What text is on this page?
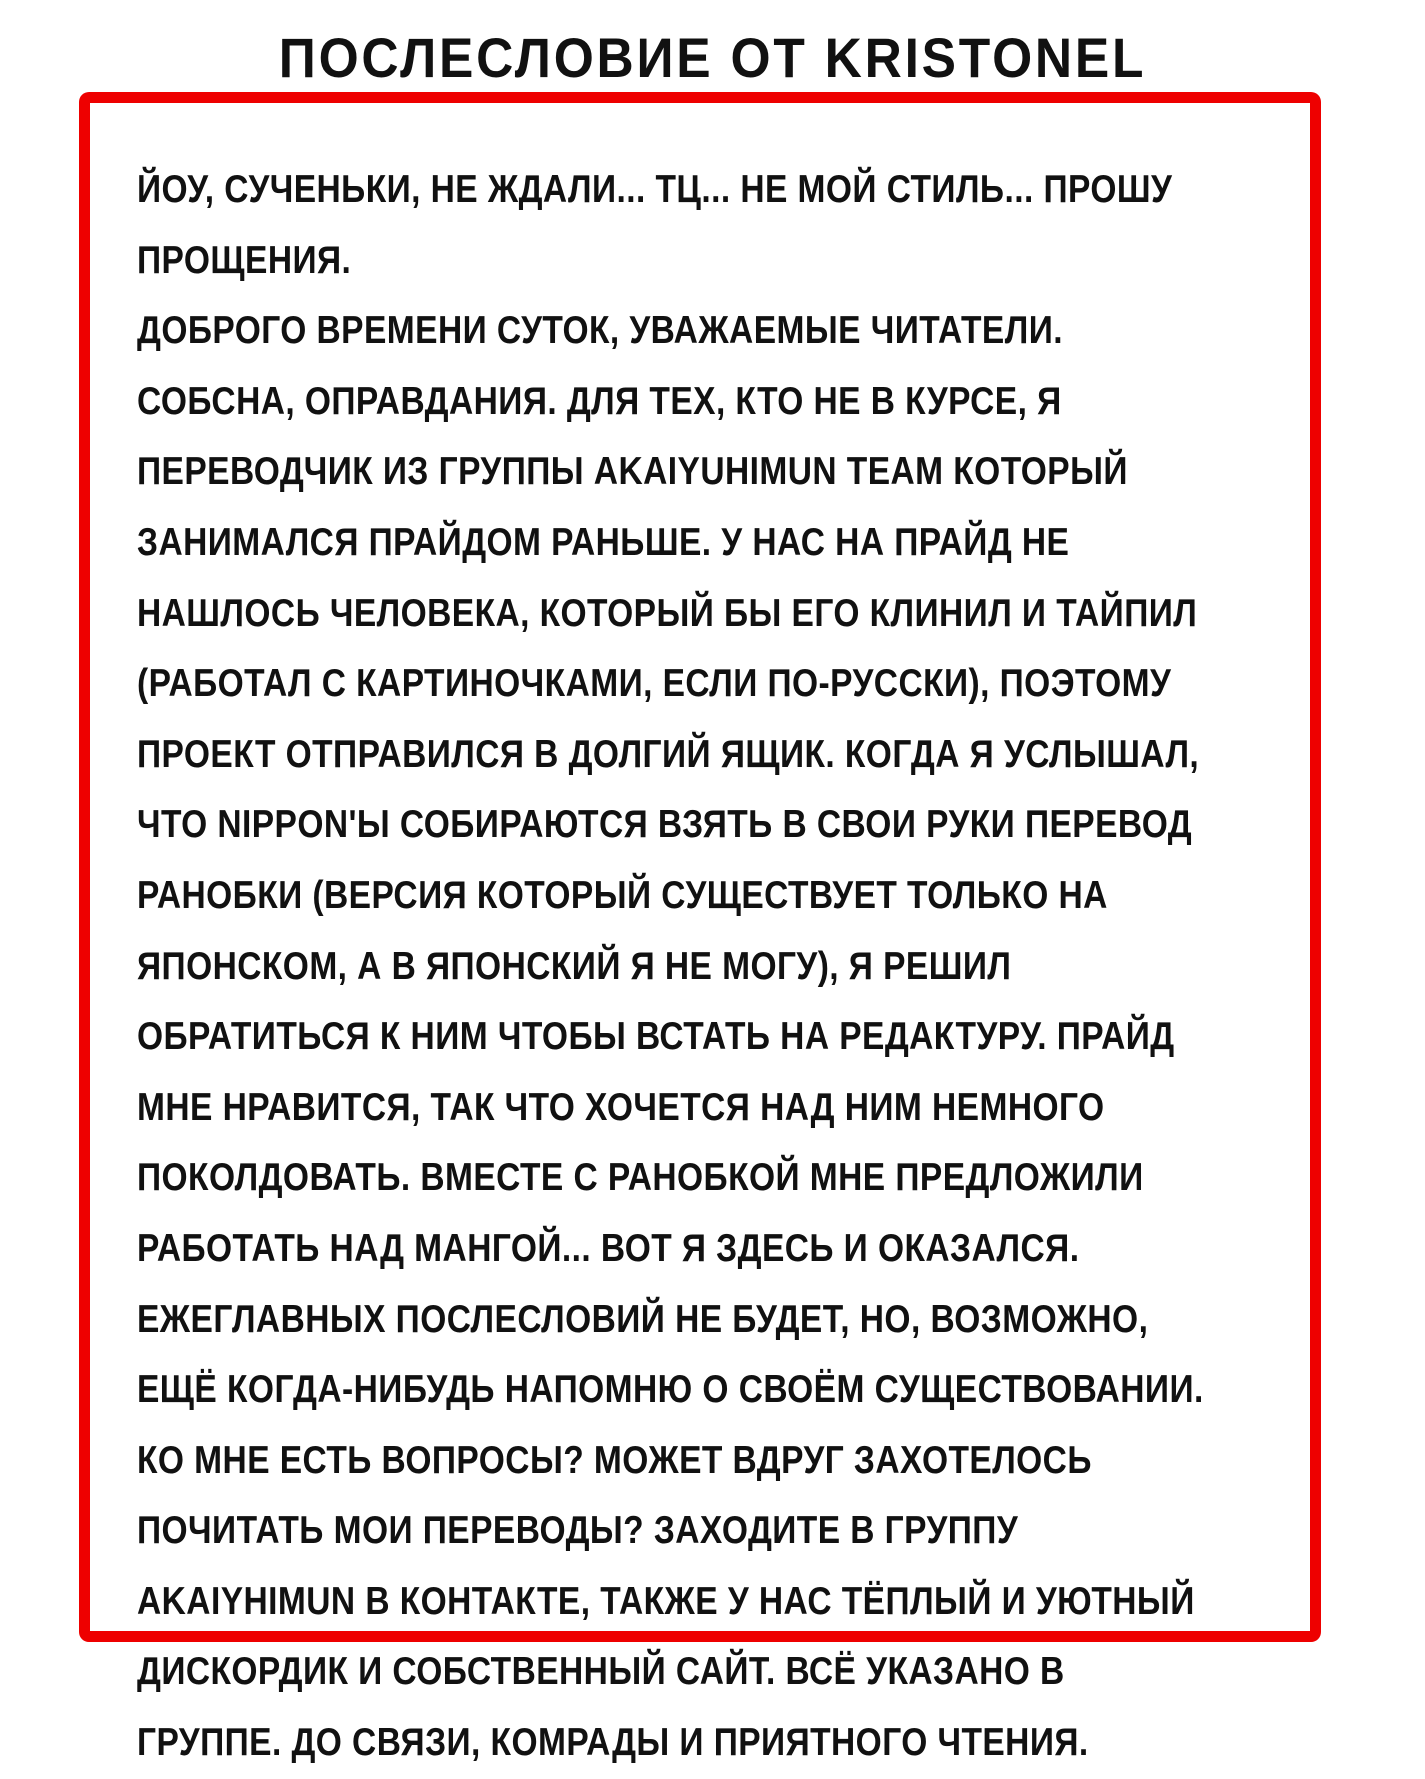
ПОСЛЕСЛОВИЕ ОТ KRISTONEL
ЙОУ, СУЧЕНЬКИ, НЕ ЖДАЛИ... ТЦ... НЕ МОЙ СТИЛЬ... ПРОШУ
ПРОЩЕНИЯ.
ДОБРОГО ВРЕМЕНИ СУТОК, УВАЖАЕМЫЕ ЧИТАТЕЛИ.
СОБСНА, ОПРАВДАНИЯ. ДЛЯ ТЕХ, КТО НЕ В КУРСЕ, Я
ПЕРЕВОДЧИК ИЗ ГРУППЫ AKAIYUHIMUN TEAM КОТОРЫЙ
ЗАНИМАЛСЯ ПРАЙДОМ РАНЬШЕ. У НАС НА ПРАЙД НЕ
НАШЛОСЬ ЧЕЛОВЕКА, КОТОРЫЙ БЫ ЕГО КЛИНИЛ И ТАЙПИЛ
(РАБОТАЛ С КАРТИНОЧКАМИ, ЕСЛИ ПО-РУССКИ), ПОЭТОМУ
ПРОЕКТ ОТПРАВИЛСЯ В ДОЛГИЙ ЯЩИК. КОГДА Я УСЛЫШАЛ,
ЧТО NIPPON'Ы СОБИРАЮТСЯ ВЗЯТЬ В СВОИ РУКИ ПЕРЕВОД
РАНОБКИ (ВЕРСИЯ КОТОРЫЙ СУЩЕСТВУЕТ ТОЛЬКО НА
ЯПОНСКОМ, А В ЯПОНСКИЙ Я НЕ МОГУ), Я РЕШИЛ
ОБРАТИТЬСЯ К НИМ ЧТОБЫ ВСТАТЬ НА РЕДАКТУРУ. ПРАЙД
МНЕ НРАВИТСЯ, ТАК ЧТО ХОЧЕТСЯ НАД НИМ НЕМНОГО
ПОКОЛДОВАТЬ. ВМЕСТЕ С РАНОБКОЙ МНЕ ПРЕДЛОЖИЛИ
РАБОТАТЬ НАД МАНГОЙ... ВОТ Я ЗДЕСЬ И ОКАЗАЛСЯ.
ЕЖЕГЛАВНЫХ ПОСЛЕСЛОВИЙ НЕ БУДЕТ, НО, ВОЗМОЖНО,
ЕЩЁ КОГДА-НИБУДЬ НАПОМНЮ О СВОЁМ СУЩЕСТВОВАНИИ.
КО МНЕ ЕСТЬ ВОПРОСЫ? МОЖЕТ ВДРУГ ЗАХОТЕЛОСЬ
ПОЧИТАТЬ МОИ ПЕРЕВОДЫ? ЗАХОДИТЕ В ГРУППУ
AKAIYHIMUN В КОНТАКТЕ, ТАКЖЕ У НАС ТЁПЛЫЙ И УЮТНЫЙ
ДИСКОРДИК И СОБСТВЕННЫЙ САЙТ. ВСЁ УКАЗАНО В
ГРУППЕ. ДО СВЯЗИ, КОМРАДЫ И ПРИЯТНОГО ЧТЕНИЯ.
